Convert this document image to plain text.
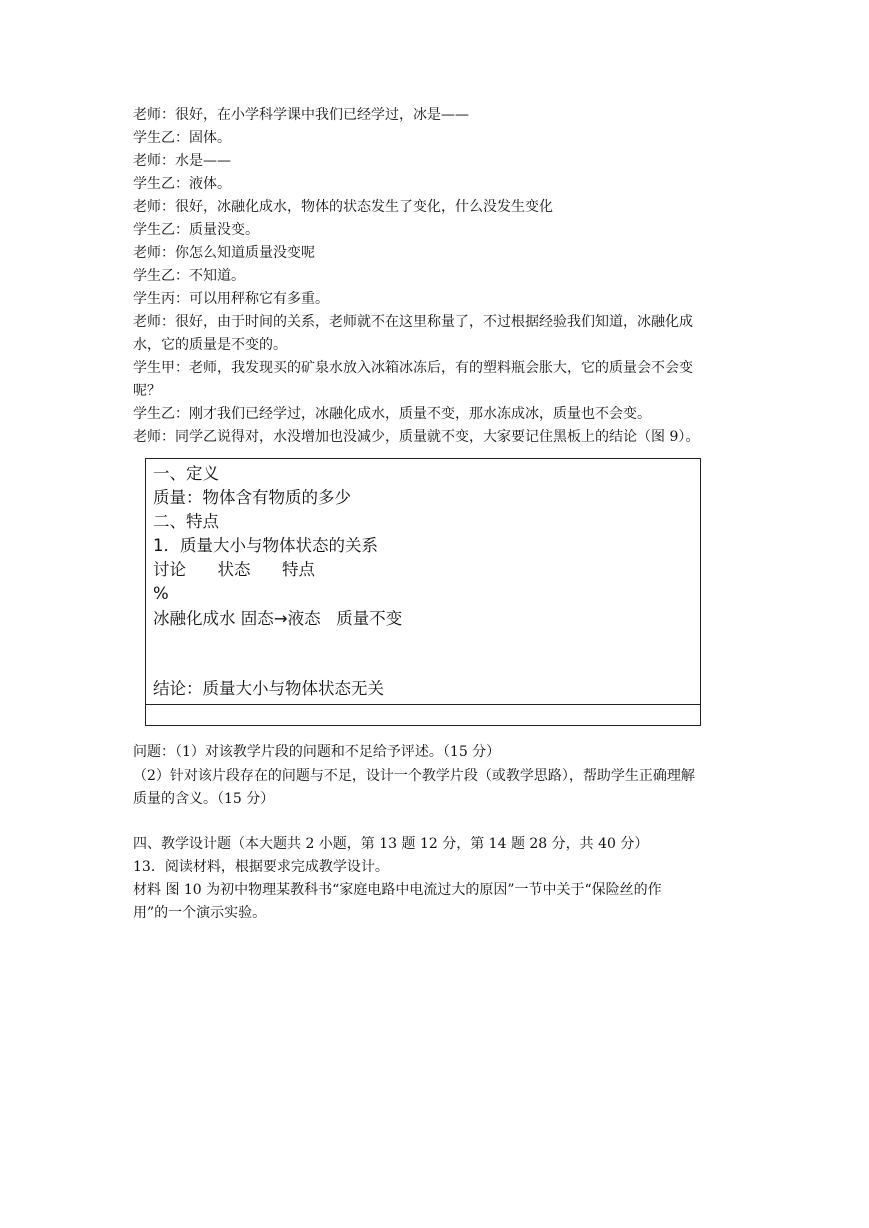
老师：很好，在小学科学课中我们已经学过，冰是——
学生乙：固体。
老师：水是——
学生乙：液体。
老师：很好，冰融化成水，物体的状态发生了变化，什么没发生变化
学生乙：质量没变。
老师：你怎么知道质量没变呢
学生乙：不知道。
学生丙：可以用秤称它有多重。
老师：很好，由于时间的关系，老师就不在这里称量了，不过根据经验我们知道，冰融化成
水，它的质量是不变的。
学生甲：老师，我发现买的矿泉水放入冰箱冰冻后，有的塑料瓶会胀大，它的质量会不会变
呢？
学生乙：刚才我们已经学过，冰融化成水，质量不变，那水冻成冰，质量也不会变。
老师：同学乙说得对，水没增加也没减少，质量就不变，大家要记住黑板上的结论（图 9）。
一、定义
质量：物体含有物质的多少
二、特点
1．质量大小与物体状态的关系
讨论      状态      特点
%
冰融化成水 固态→液态   质量不变
结论：质量大小与物体状态无关
问题：（1）对该教学片段的问题和不足给予评述。（15 分）
（2）针对该片段存在的问题与不足，设计一个教学片段（或教学思路），帮助学生正确理解
质量的含义。（15 分）
四、教学设计题（本大题共 2 小题，第 13 题 12 分，第 14 题 28 分，共 40 分）
13．阅读材料，根据要求完成教学设计。
材料 图 10 为初中物理某教科书“家庭电路中电流过大的原因”一节中关于“保险丝的作
用”的一个演示实验。
